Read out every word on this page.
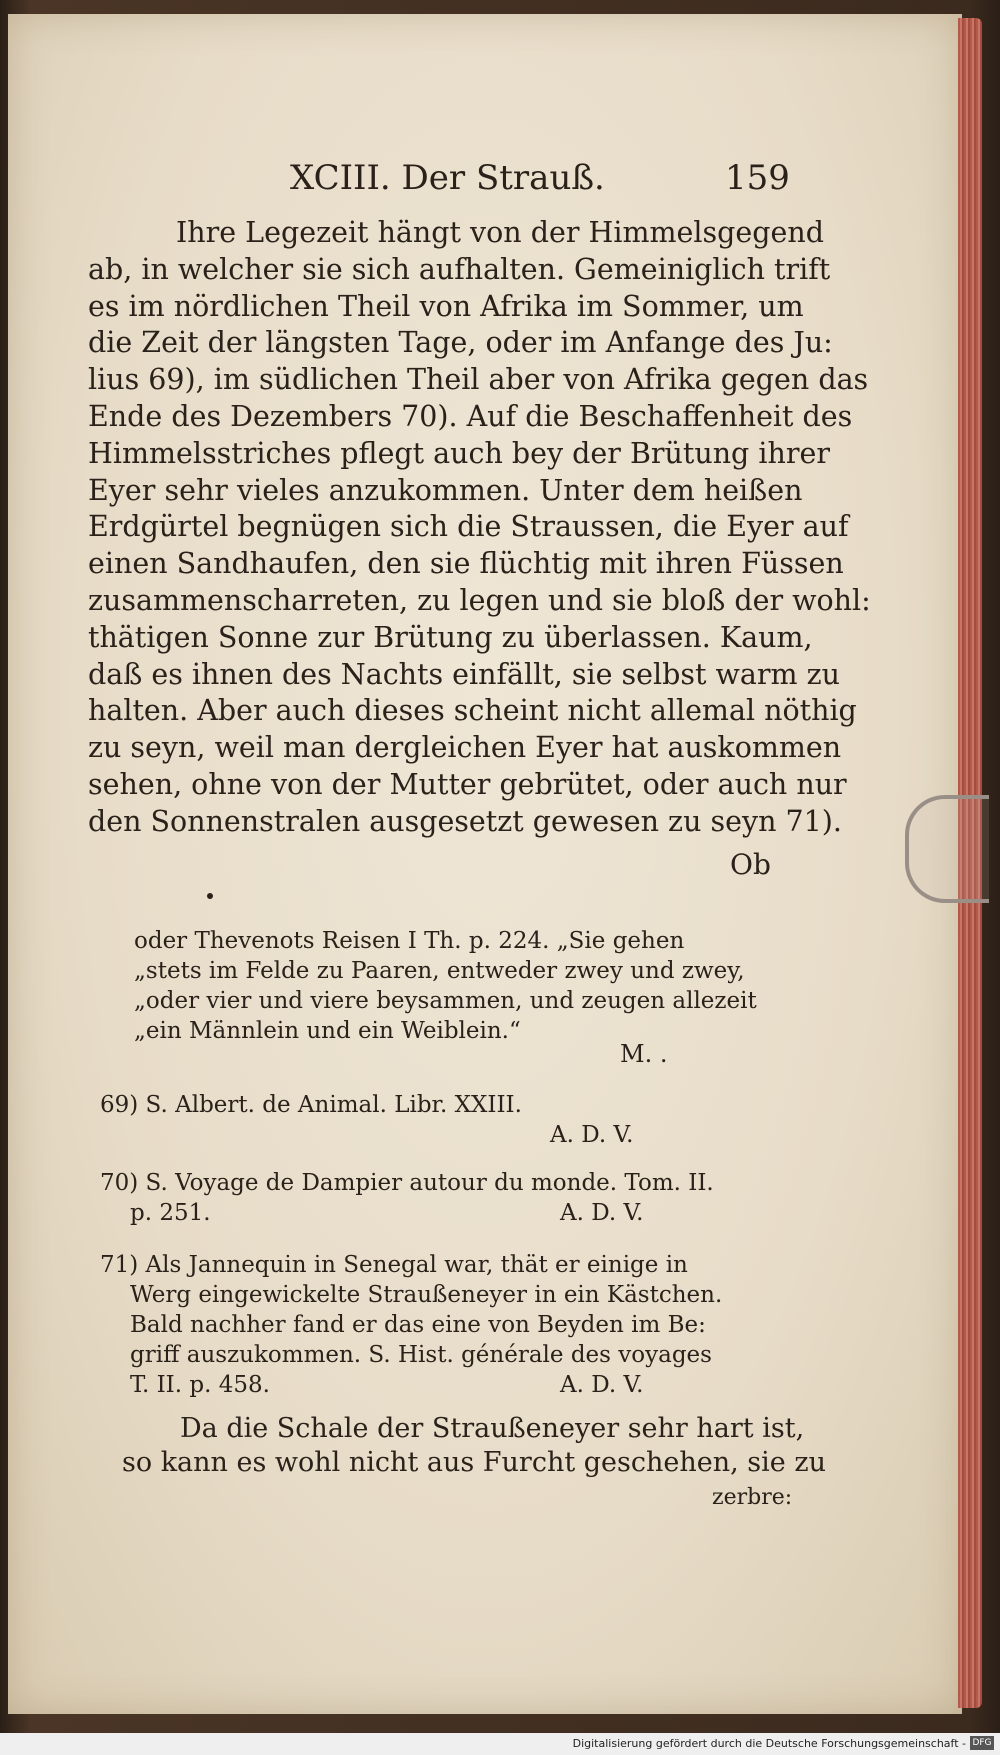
XCIII. Der Strauß.	159
Ihre Legezeit hängt von der Himmelsgegend
ab, in welcher sie sich aufhalten. Gemeiniglich trift
es im nördlichen Theil von Afrika im Sommer, um
die Zeit der längsten Tage, oder im Anfange des Ju:
lius 69), im südlichen Theil aber von Afrika gegen das
Ende des Dezembers 70). Auf die Beschaffenheit des
Himmelsstriches pflegt auch bey der Brütung ihrer
Eyer sehr vieles anzukommen. Unter dem heißen
Erdgürtel begnügen sich die Straussen, die Eyer auf
einen Sandhaufen, den sie flüchtig mit ihren Füssen
zusammenscharreten, zu legen und sie bloß der wohl:
thätigen Sonne zur Brütung zu überlassen. Kaum,
daß es ihnen des Nachts einfällt, sie selbst warm zu
halten. Aber auch dieses scheint nicht allemal nöthig
zu seyn, weil man dergleichen Eyer hat auskommen
sehen, ohne von der Mutter gebrütet, oder auch nur
den Sonnenstralen ausgesetzt gewesen zu seyn 71).
Ob
oder Thevenots Reisen I Th. p. 224. „Sie gehen
„stets im Felde zu Paaren, entweder zwey und zwey,
„oder vier und viere beysammen, und zeugen allezeit
„ein Männlein und ein Weiblein.“
M. .
69) S. Albert. de Animal. Libr. XXIII.
A. D. V.
70) S. Voyage de Dampier autour du monde. Tom. II.
p. 251.	A. D. V.
71) Als Jannequin in Senegal war, thät er einige in
Werg eingewickelte Straußeneyer in ein Kästchen.
Bald nachher fand er das eine von Beyden im Be:
griff auszukommen. S. Hist. générale des voyages
T. II. p. 458.	A. D. V.
Da die Schale der Straußeneyer sehr hart ist,
so kann es wohl nicht aus Furcht geschehen, sie zu
zerbre:
Digitalisierung gefördert durch die Deutsche Forschungsgemeinschaft - DFG
